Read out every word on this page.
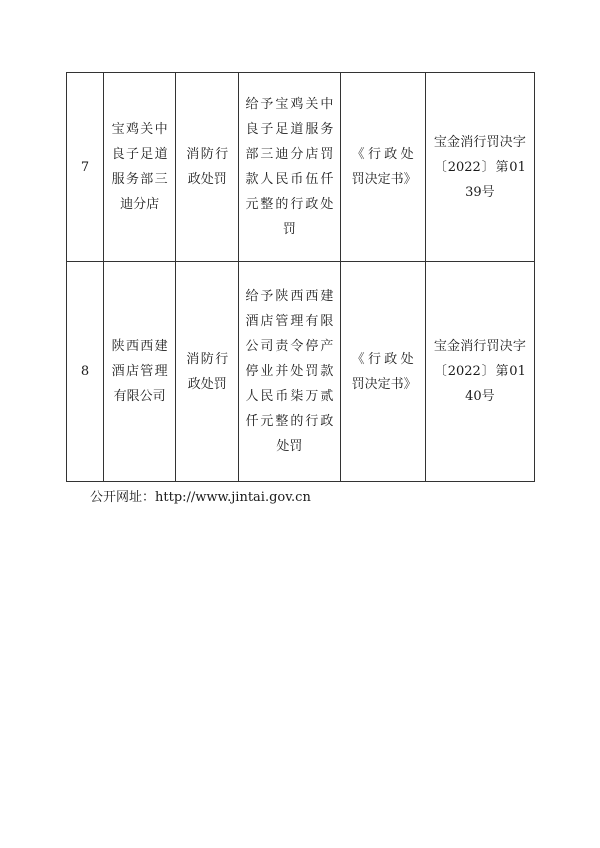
7	宝鸡关中良子足道服务部三迪分店	消防行政处罚	给予宝鸡关中良子足道服务部三迪分店罚款人民币伍仟元整的行政处罚	《行政处罚决定书》	宝金消行罚决字〔2022〕第0139号
8	陕西西建酒店管理有限公司	消防行政处罚	给予陕西西建酒店管理有限公司责令停产停业并处罚款人民币柒万贰仟元整的行政处罚	《行政处罚决定书》	宝金消行罚决字〔2022〕第0140号
公开网址：http://www.jintai.gov.cn
